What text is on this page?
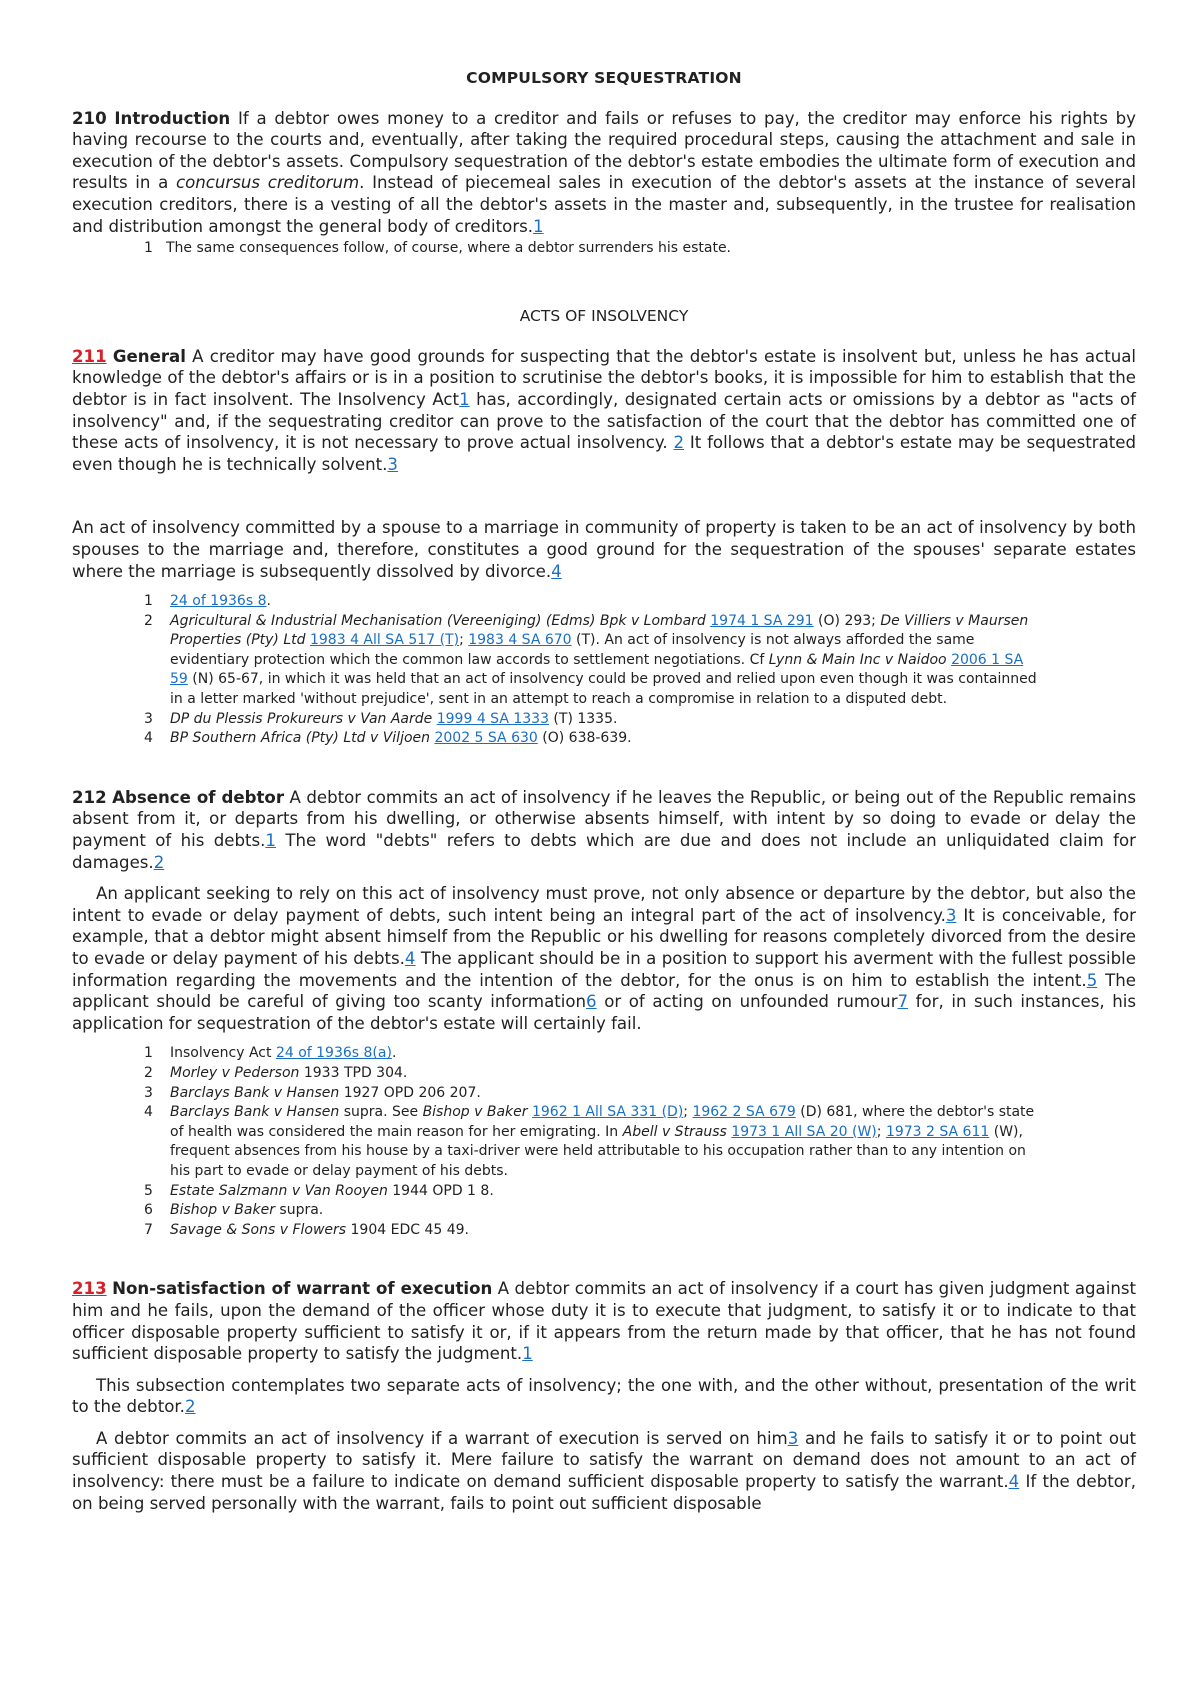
COMPULSORY SEQUESTRATION

210 Introduction If a debtor owes money to a creditor and fails or refuses to pay, the creditor may enforce his rights by having recourse to the courts and, eventually, after taking the required procedural steps, causing the attachment and sale in execution of the debtor's assets. Compulsory sequestration of the debtor's estate embodies the ultimate form of execution and results in a concursus creditorum. Instead of piecemeal sales in execution of the debtor's assets at the instance of several execution creditors, there is a vesting of all the debtor's assets in the master and, subsequently, in the trustee for realisation and distribution amongst the general body of creditors.1

1 The same consequences follow, of course, where a debtor surrenders his estate.
ACTS OF INSOLVENCY

211 General A creditor may have good grounds for suspecting that the debtor's estate is insolvent but, unless he has actual knowledge of the debtor's affairs or is in a position to scrutinise the debtor's books, it is impossible for him to establish that the debtor is in fact insolvent. The Insolvency Act1 has, accordingly, designated certain acts or omissions by a debtor as "acts of insolvency" and, if the sequestrating creditor can prove to the satisfaction of the court that the debtor has committed one of these acts of insolvency, it is not necessary to prove actual insolvency. 2 It follows that a debtor's estate may be sequestrated even though he is technically solvent.3

An act of insolvency committed by a spouse to a marriage in community of property is taken to be an act of insolvency by both spouses to the marriage and, therefore, constitutes a good ground for the sequestration of the spouses' separate estates where the marriage is subsequently dissolved by divorce.4

1 24 of 1936s 8.
2 Agricultural & Industrial Mechanisation (Vereeniging) (Edms) Bpk v Lombard 1974 1 SA 291 (O) 293; De Villiers v Maursen Properties (Pty) Ltd 1983 4 All SA 517 (T); 1983 4 SA 670 (T). An act of insolvency is not always afforded the same evidentiary protection which the common law accords to settlement negotiations. Cf Lynn & Main Inc v Naidoo 2006 1 SA 59 (N) 65-67, in which it was held that an act of insolvency could be proved and relied upon even though it was containned in a letter marked 'without prejudice', sent in an attempt to reach a compromise in relation to a disputed debt.
3 DP du Plessis Prokureurs v Van Aarde 1999 4 SA 1333 (T) 1335.
4 BP Southern Africa (Pty) Ltd v Viljoen 2002 5 SA 630 (O) 638-639.

212 Absence of debtor A debtor commits an act of insolvency if he leaves the Republic, or being out of the Republic remains absent from it, or departs from his dwelling, or otherwise absents himself, with intent by so doing to evade or delay the payment of his debts.1 The word "debts" refers to debts which are due and does not include an unliquidated claim for damages.2

An applicant seeking to rely on this act of insolvency must prove, not only absence or departure by the debtor, but also the intent to evade or delay payment of debts, such intent being an integral part of the act of insolvency.3 It is conceivable, for example, that a debtor might absent himself from the Republic or his dwelling for reasons completely divorced from the desire to evade or delay payment of his debts.4 The applicant should be in a position to support his averment with the fullest possible information regarding the movements and the intention of the debtor, for the onus is on him to establish the intent.5 The applicant should be careful of giving too scanty information6 or of acting on unfounded rumour7 for, in such instances, his application for sequestration of the debtor's estate will certainly fail.

1 Insolvency Act 24 of 1936s 8(a).
2 Morley v Pederson 1933 TPD 304.
3 Barclays Bank v Hansen 1927 OPD 206 207.
4 Barclays Bank v Hansen supra. See Bishop v Baker 1962 1 All SA 331 (D); 1962 2 SA 679 (D) 681, where the debtor's state of health was considered the main reason for her emigrating. In Abell v Strauss 1973 1 All SA 20 (W); 1973 2 SA 611 (W), frequent absences from his house by a taxi-driver were held attributable to his occupation rather than to any intention on his part to evade or delay payment of his debts.
5 Estate Salzmann v Van Rooyen 1944 OPD 1 8.
6 Bishop v Baker supra.
7 Savage & Sons v Flowers 1904 EDC 45 49.

213 Non-satisfaction of warrant of execution A debtor commits an act of insolvency if a court has given judgment against him and he fails, upon the demand of the officer whose duty it is to execute that judgment, to satisfy it or to indicate to that officer disposable property sufficient to satisfy it or, if it appears from the return made by that officer, that he has not found sufficient disposable property to satisfy the judgment.1

This subsection contemplates two separate acts of insolvency; the one with, and the other without, presentation of the writ to the debtor.2

A debtor commits an act of insolvency if a warrant of execution is served on him3 and he fails to satisfy it or to point out sufficient disposable property to satisfy it. Mere failure to satisfy the warrant on demand does not amount to an act of insolvency: there must be a failure to indicate on demand sufficient disposable property to satisfy the warrant.4 If the debtor, on being served personally with the warrant, fails to point out sufficient disposable
